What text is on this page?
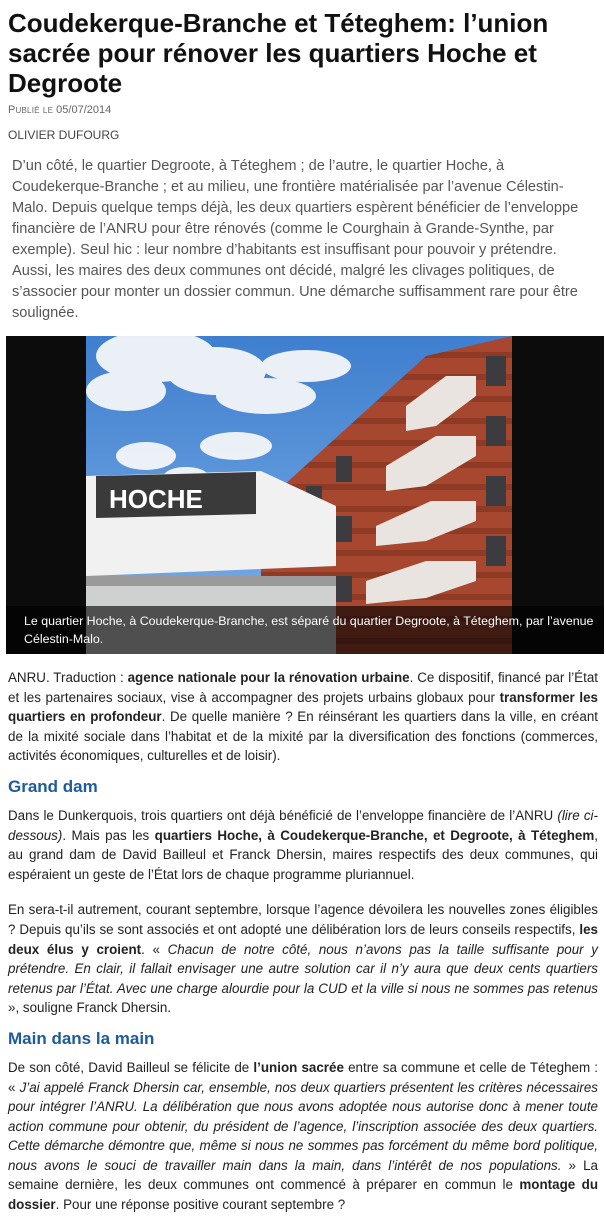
Coudekerque-Branche et Téteghem: l’union sacrée pour rénover les quartiers Hoche et Degroote
Publié le 05/07/2014
OLIVIER DUFOURG

D’un côté, le quartier Degroote, à Téteghem ; de l’autre, le quartier Hoche, à Coudekerque-Branche ; et au milieu, une frontière matérialisée par l’avenue Célestin-Malo. Depuis quelque temps déjà, les deux quartiers espèrent bénéficier de l’enveloppe financière de l’ANRU pour être rénovés (comme le Courghain à Grande-Synthe, par exemple). Seul hic : leur nombre d’habitants est insuffisant pour pouvoir y prétendre. Aussi, les maires des deux communes ont décidé, malgré les clivages politiques, de s’associer pour monter un dossier commun. Une démarche suffisamment rare pour être soulignée.

HOCHE
Le quartier Hoche, à Coudekerque-Branche, est séparé du quartier Degroote, à Téteghem, par l’avenue Célestin-Malo.

ANRU. Traduction : agence nationale pour la rénovation urbaine. Ce dispositif, financé par l’État et les partenaires sociaux, vise à accompagner des projets urbains globaux pour transformer les quartiers en profondeur. De quelle manière ? En réinsérant les quartiers dans la ville, en créant de la mixité sociale dans l’habitat et de la mixité par la diversification des fonctions (commerces, activités économiques, culturelles et de loisir).

Grand dam

Dans le Dunkerquois, trois quartiers ont déjà bénéficié de l’enveloppe financière de l’ANRU (lire ci-dessous). Mais pas les quartiers Hoche, à Coudekerque-Branche, et Degroote, à Téteghem, au grand dam de David Bailleul et Franck Dhersin, maires respectifs des deux communes, qui espéraient un geste de l’État lors de chaque programme pluriannuel.

En sera-t-il autrement, courant septembre, lorsque l’agence dévoilera les nouvelles zones éligibles ? Depuis qu’ils se sont associés et ont adopté une délibération lors de leurs conseils respectifs, les deux élus y croient. « Chacun de notre côté, nous n’avons pas la taille suffisante pour y prétendre. En clair, il fallait envisager une autre solution car il n’y aura que deux cents quartiers retenus par l’État. Avec une charge alourdie pour la CUD et la ville si nous ne sommes pas retenus », souligne Franck Dhersin.

Main dans la main

De son côté, David Bailleul se félicite de l’union sacrée entre sa commune et celle de Téteghem : « J’ai appelé Franck Dhersin car, ensemble, nos deux quartiers présentent les critères nécessaires pour intégrer l’ANRU. La délibération que nous avons adoptée nous autorise donc à mener toute action commune pour obtenir, du président de l’agence, l’inscription associée des deux quartiers. Cette démarche démontre que, même si nous ne sommes pas forcément du même bord politique, nous avons le souci de travailler main dans la main, dans l’intérêt de nos populations. » La semaine dernière, les deux communes ont commencé à préparer en commun le montage du dossier. Pour une réponse positive courant septembre ?
